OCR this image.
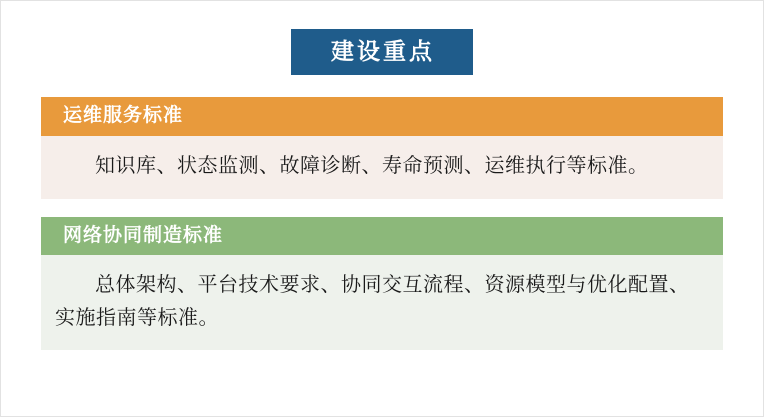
建设重点
运维服务标准
知识库、状态监测、故障诊断、寿命预测、运维执行等标准。
网络协同制造标准
总体架构、平台技术要求、协同交互流程、资源模型与优化配置、实施指南等标准。
